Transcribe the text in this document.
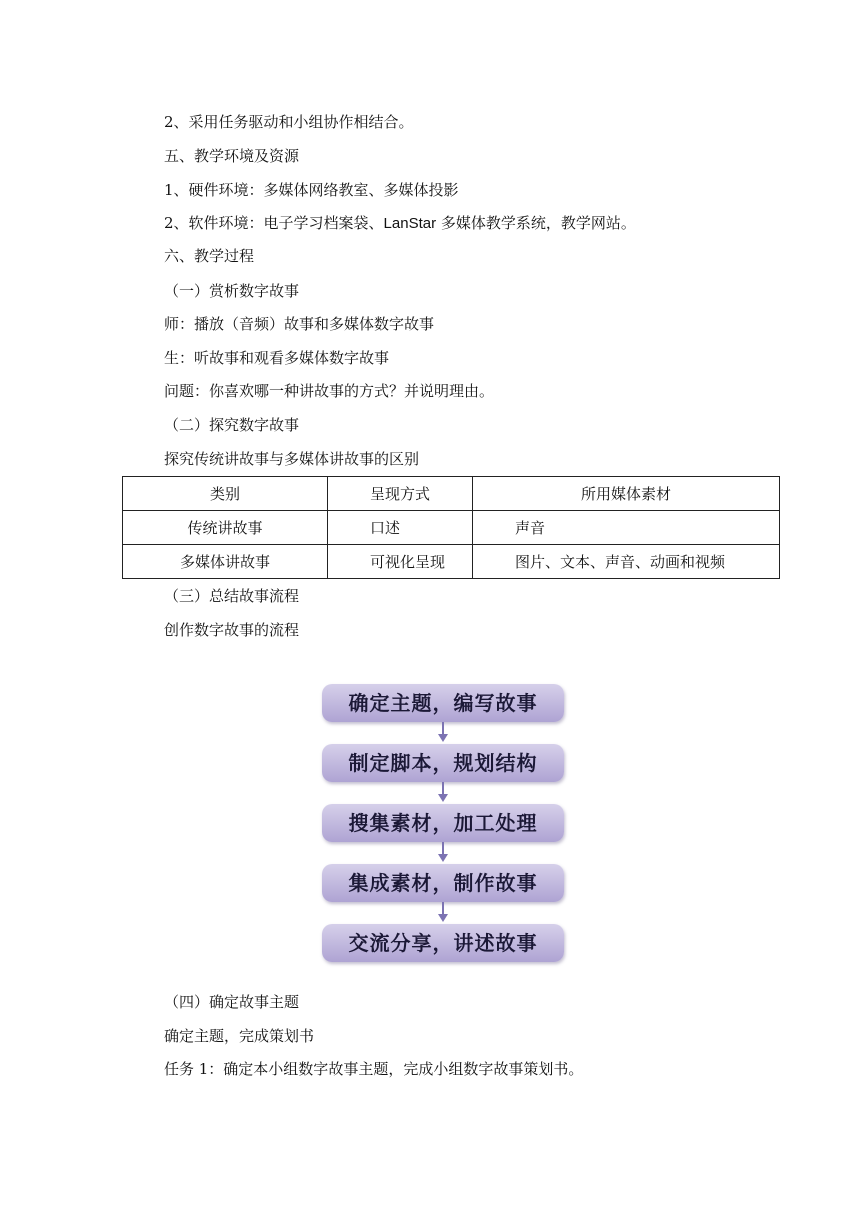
2、采用任务驱动和小组协作相结合。
五、教学环境及资源
1、硬件环境：多媒体网络教室、多媒体投影
2、软件环境：电子学习档案袋、LanStar 多媒体教学系统，教学网站。
六、教学过程
（一）赏析数字故事
师：播放（音频）故事和多媒体数字故事
生：听故事和观看多媒体数字故事
问题：你喜欢哪一种讲故事的方式？并说明理由。
（二）探究数字故事
探究传统讲故事与多媒体讲故事的区别
类别	呈现方式	所用媒体素材
传统讲故事	口述	声音
多媒体讲故事	可视化呈现	图片、文本、声音、动画和视频
（三）总结故事流程
创作数字故事的流程
确定主题，编写故事
制定脚本，规划结构
搜集素材，加工处理
集成素材，制作故事
交流分享，讲述故事
（四）确定故事主题
确定主题，完成策划书
任务 1：确定本小组数字故事主题，完成小组数字故事策划书。
